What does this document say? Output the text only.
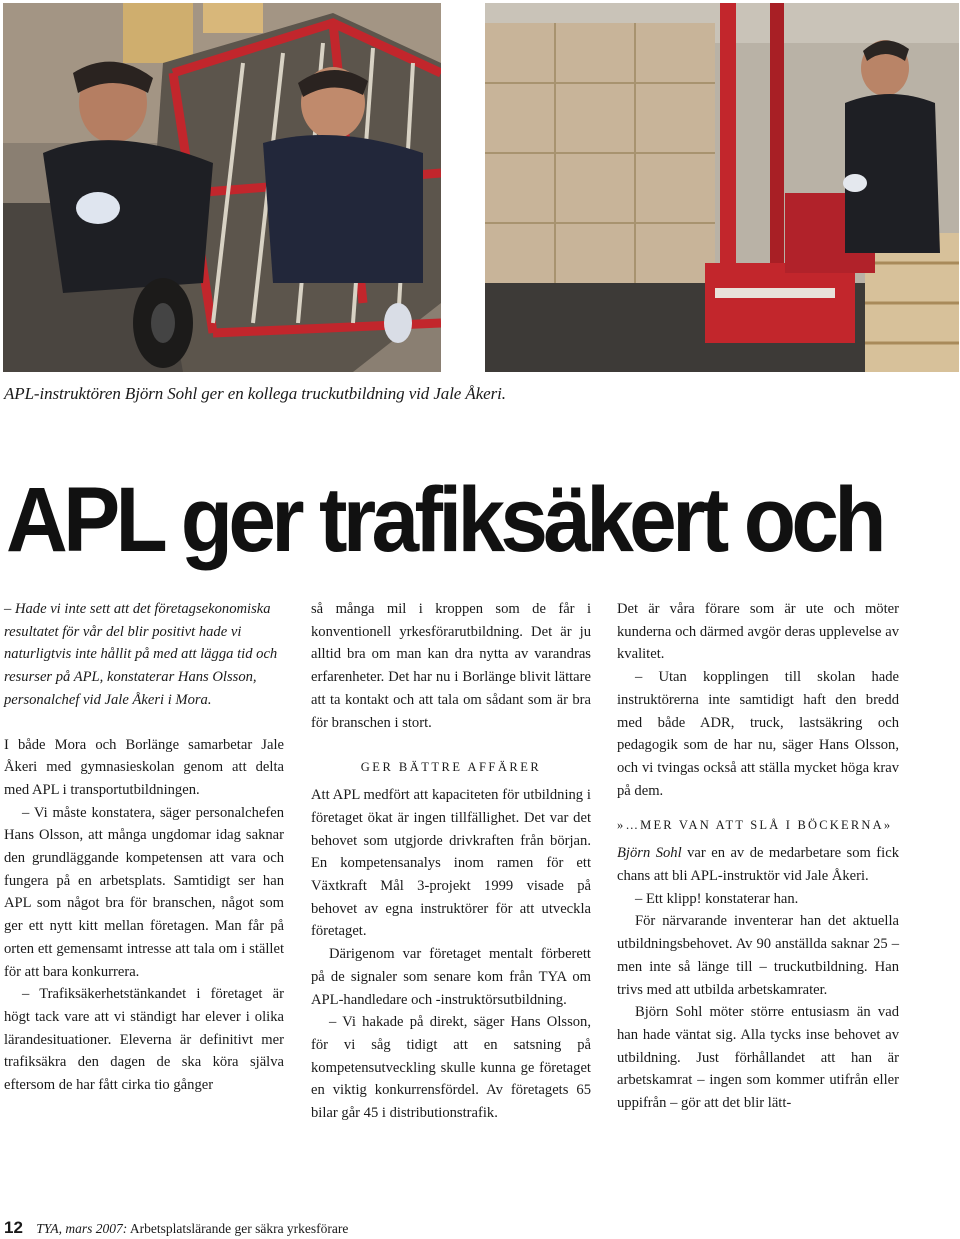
APL-instruktören Björn Sohl ger en kollega truckutbildning vid Jale Åkeri.
APL ger trafiksäkert och

– Hade vi inte sett att det företagsekonomiska resultatet för vår del blir positivt hade vi naturligtvis inte hållit på med att lägga tid och resurser på APL, konstaterar Hans Olsson, personalchef vid Jale Åkeri i Mora.

I både Mora och Borlänge samarbetar Jale Åkeri med gymnasieskolan genom att delta med APL i transportutbildningen.

– Vi måste konstatera, säger personalchefen Hans Olsson, att många ungdomar idag saknar den grundläggande kompetensen att vara och fungera på en arbetsplats. Samtidigt ser han APL som något bra för branschen, något som ger ett nytt kitt mellan företagen. Man får på orten ett gemensamt intresse att tala om i stället för att bara konkurrera.

– Trafiksäkerhetstänkandet i företaget är högt tack vare att vi ständigt har elever i olika lärandesituationer. Eleverna är definitivt mer trafiksäkra den dagen de ska köra själva eftersom de har fått cirka tio gånger

så många mil i kroppen som de får i konventionell yrkesförarutbildning. Det är ju alltid bra om man kan dra nytta av varandras erfarenheter. Det har nu i Borlänge blivit lättare att ta kontakt och att tala om sådant som är bra för branschen i stort.

GER BÄTTRE AFFÄRER

Att APL medfört att kapaciteten för utbildning i företaget ökat är ingen tillfällighet. Det var det behovet som utgjorde drivkraften från början. En kompetensanalys inom ramen för ett Växtkraft Mål 3-projekt 1999 visade på behovet av egna instruktörer för att utveckla företaget.

Därigenom var företaget mentalt förberett på de signaler som senare kom från TYA om APL-handledare och -instruktörsutbildning.

– Vi hakade på direkt, säger Hans Olsson, för vi såg tidigt att en satsning på kompetensutveckling skulle kunna ge företaget en viktig konkurrensfördel. Av företagets 65 bilar går 45 i distributionstrafik.

Det är våra förare som är ute och möter kunderna och därmed avgör deras upplevelse av kvalitet.

– Utan kopplingen till skolan hade instruktörerna inte samtidigt haft den bredd med både ADR, truck, lastsäkring och pedagogik som de har nu, säger Hans Olsson, och vi tvingas också att ställa mycket höga krav på dem.

»…MER VAN ATT SLÅ I BÖCKERNA»

Björn Sohl var en av de medarbetare som fick chans att bli APL-instruktör vid Jale Åkeri.

– Ett klipp! konstaterar han.

För närvarande inventerar han det aktuella utbildningsbehovet. Av 90 anställda saknar 25 – men inte så länge till – truckutbildning. Han trivs med att utbilda arbetskamrater.

Björn Sohl möter större entusiasm än vad han hade väntat sig. Alla tycks inse behovet av utbildning. Just förhållandet att han är arbetskamrat – ingen som kommer utifrån eller uppifrån – gör att det blir lätt-

12 TYA, mars 2007: Arbetsplatslärande ger säkra yrkesförare
